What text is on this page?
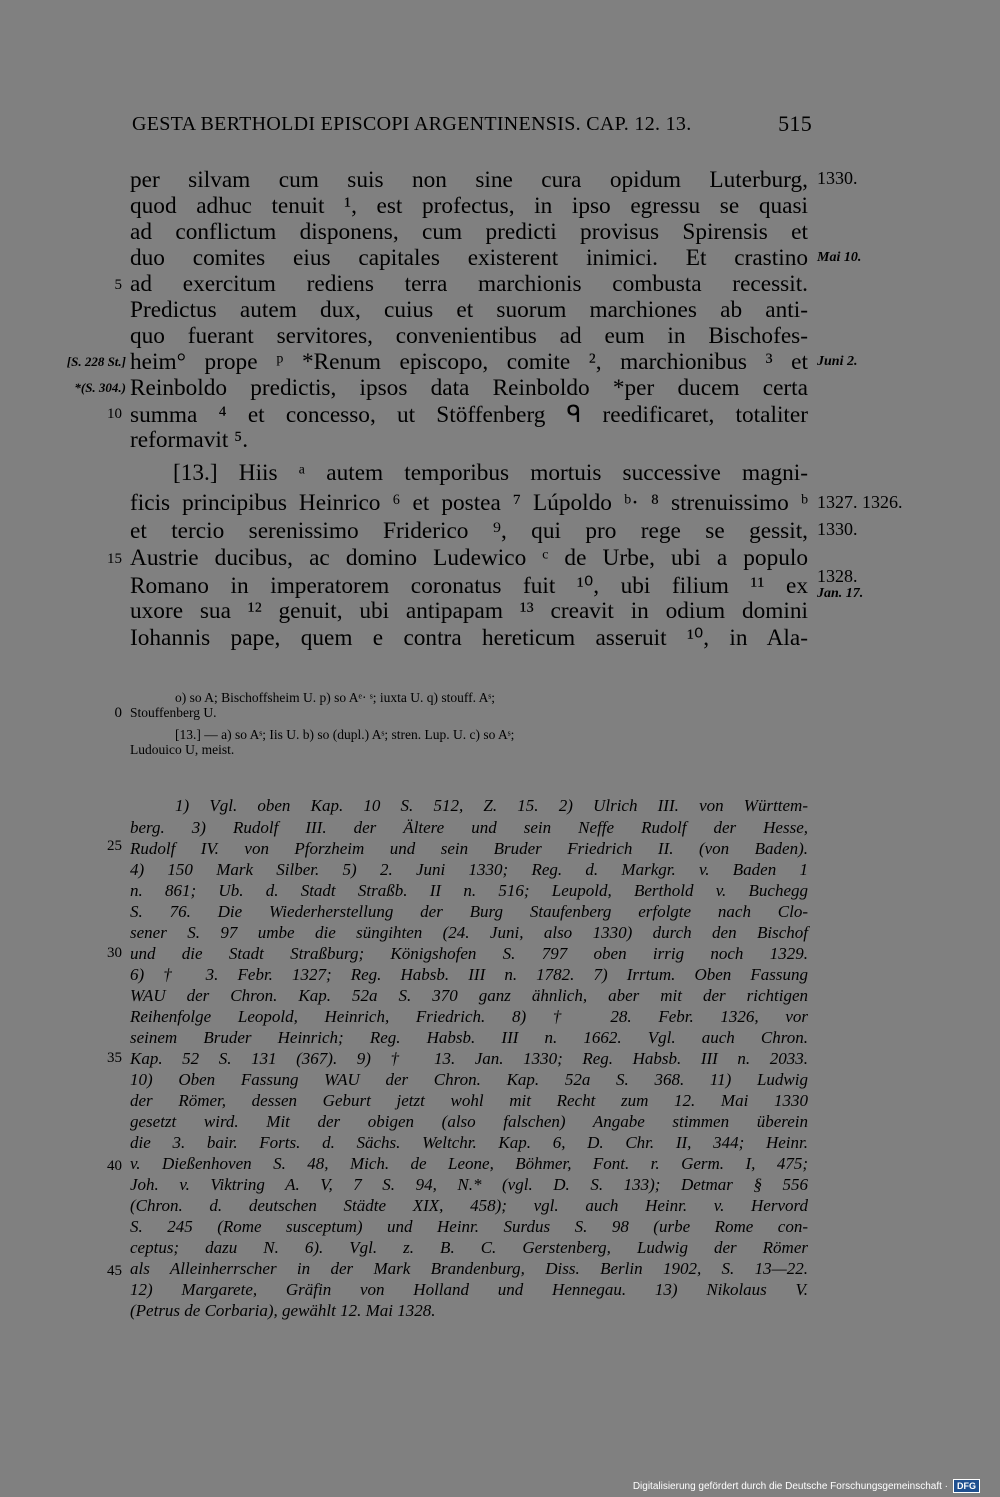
GESTA BERTHOLDI EPISCOPI ARGENTINENSIS. CAP. 12. 13.	515
per silvam cum suis non sine cura opidum Luterburg,
quod adhuc tenuit ¹, est profectus, in ipso egressu se quasi
ad conflictum disponens, cum predicti provisus Spirensis et
duo comites eius capitales existerent inimici. Et crastino
ad exercitum rediens terra marchionis combusta recessit.
Predictus autem dux, cuius et suorum marchiones ab anti-
quo fuerant servitores, convenientibus ad eum in Bischofes-
heim° prope ᵖ *Renum episcopo, comite ², marchionibus ³ et
Reinboldo predictis, ipsos data Reinboldo *per ducem certa
summa ⁴ et concesso, ut Stöffenberg ᑫ reedificaret, totaliter
reformavit ⁵.
[13.] Hiis ᵃ autem temporibus mortuis successive magni-
ficis principibus Heinrico ⁶ et postea ⁷ Lúpoldo ᵇ· ⁸ strenuissimo ᵇ
et tercio serenissimo Friderico ⁹, qui pro rege se gessit,
Austrie ducibus, ac domino Ludewico ᶜ de Urbe, ubi a populo
Romano in imperatorem coronatus fuit ¹⁰, ubi filium ¹¹ ex
uxore sua ¹² genuit, ubi antipapam ¹³ creavit in odium domini
Iohannis pape, quem e contra hereticum asseruit ¹⁰, in Ala-
5
10
15
0
25
30
35
40
45
[S. 228 St.]
*(S. 304.)
1330.
Mai 10.
Juni 2.
1327. 1326.
1330.
1328.
Jan. 17.
o) so A; Bischoffsheim U. p) so Aᵉ· ˢ; iuxta U. q) stouff. Aˢ;
Stouffenberg U.
[13.] — a) so Aˢ; Iis U. b) so (dupl.) Aˢ; stren. Lup. U. c) so Aˢ;
Ludouico U, meist.
1) Vgl. oben Kap. 10 S. 512, Z. 15. 2) Ulrich III. von Württem-
berg. 3) Rudolf III. der Ältere und sein Neffe Rudolf der Hesse,
Rudolf IV. von Pforzheim und sein Bruder Friedrich II. (von Baden).
4) 150 Mark Silber. 5) 2. Juni 1330; Reg. d. Markgr. v. Baden 1
n. 861; Ub. d. Stadt Straßb. II n. 516; Leupold, Berthold v. Buchegg
S. 76. Die Wiederherstellung der Burg Staufenberg erfolgte nach Clo-
sener S. 97 umbe die süngihten (24. Juni, also 1330) durch den Bischof
und die Stadt Straßburg; Königshofen S. 797 oben irrig noch 1329.
6) † 3. Febr. 1327; Reg. Habsb. III n. 1782. 7) Irrtum. Oben Fassung
WAU der Chron. Kap. 52a S. 370 ganz ähnlich, aber mit der richtigen
Reihenfolge Leopold, Heinrich, Friedrich. 8) † 28. Febr. 1326, vor
seinem Bruder Heinrich; Reg. Habsb. III n. 1662. Vgl. auch Chron.
Kap. 52 S. 131 (367). 9) † 13. Jan. 1330; Reg. Habsb. III n. 2033.
10) Oben Fassung WAU der Chron. Kap. 52a S. 368. 11) Ludwig
der Römer, dessen Geburt jetzt wohl mit Recht zum 12. Mai 1330
gesetzt wird. Mit der obigen (also falschen) Angabe stimmen überein
die 3. bair. Forts. d. Sächs. Weltchr. Kap. 6, D. Chr. II, 344; Heinr.
v. Dießenhoven S. 48, Mich. de Leone, Böhmer, Font. r. Germ. I, 475;
Joh. v. Viktring A. V, 7 S. 94, N.* (vgl. D. S. 133); Detmar § 556
(Chron. d. deutschen Städte XIX, 458); vgl. auch Heinr. v. Hervord
S. 245 (Rome susceptum) und Heinr. Surdus S. 98 (urbe Rome con-
ceptus; dazu N. 6). Vgl. z. B. C. Gerstenberg, Ludwig der Römer
als Alleinherrscher in der Mark Brandenburg, Diss. Berlin 1902, S. 13—22.
12) Margarete, Gräfin von Holland und Hennegau. 13) Nikolaus V.
(Petrus de Corbaria), gewählt 12. Mai 1328.
Digitalisierung gefördert durch die Deutsche Forschungsgemeinschaft ·	DFG
